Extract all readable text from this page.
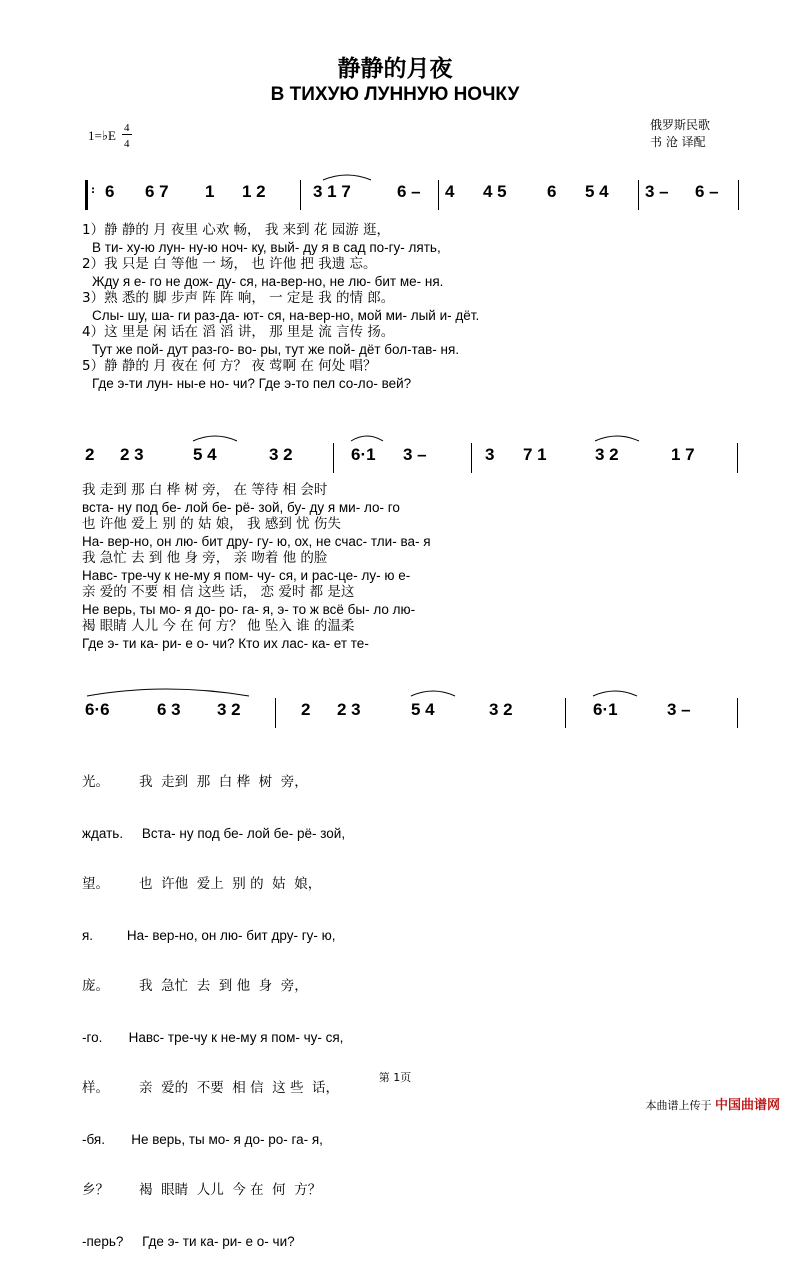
静静的月夜
В ТИХУЮ ЛУННУЮ НОЧКУ
1=♭E 4
4
俄罗斯民歌
书 沧 译配
: 6 6 7 1 1 2	3 1 7	6 – 4 4 5 6 5 4 3 – 6 –
2 2 3	5 4	3 2	6·1 3 –	3 7 1	3 2	1 7
6·6	6 3 3 2	2 2 3	5 4	3 2	6·1	3 –
1）静 静的 月 夜里 心欢 畅， 我 来到 花 园游 逛，
В ти- ху-ю лун- ну-ю ноч- ку, вый- ду я в сад по-гу- лять,
2）我 只是 白 等他 一 场， 也 许他 把 我遗 忘。
Жду я е- го не дож- ду- ся, на-вер-но, не лю- бит ме- ня.
3）熟 悉的 脚 步声 阵 阵 响， 一 定是 我 的情 郎。
Слы- шу, ша- ги раз-да- ют- ся, на-вер-но, мой ми- лый и- дёт.
4）这 里是 闲 话在 滔 滔 讲， 那 里是 流 言传 扬。
Тут же пой- дут раз-го- во- ры, тут же пой- дёт бол-тав- ня.
5）静 静的 月 夜在 何 方？ 夜 莺啊 在 何处 唱？
Где э-ти лун- ны-е но- чи? Где э-то пел со-ло- вей?
我 走到 那 白 桦 树 旁， 在 等待 相 会时
вста- ну под бе- лой бе- рё- зой, бу- ду я ми- ло- го
也 许他 爱上 别 的 姑 娘， 我 感到 忧 伤失
На- вер-но, он лю- бит дру- гу- ю, ох, не счас- тли- ва- я
我 急忙 去 到 他 身 旁， 亲 吻着 他 的脸
Навс- тре-чу к не-му я пом- чу- ся, и рас-це- лу- ю е-
亲 爱的 不要 相 信 这些 话， 恋 爱时 都 是这
Не верь, ты мо- я до- ро- га- я, э- то ж всё бы- ло лю-
褐 眼睛 人儿 今 在 何 方？ 他 坠入 谁 的温柔
Где э- ти ка- ри- е о- чи? Кто их лас- ка- ет те-

光。       我  走到  那  白 桦  树  旁，

ждать.     Вста- ну под бе- лой бе- рё- зой,

望。       也  许他  爱上  别 的  姑  娘，

я.         На- вер-но, он лю- бит дру- гу- ю,

庞。       我  急忙  去  到 他  身  旁，

-го.       Навс- тре-чу к не-му я пом- чу- ся,

样。       亲  爱的  不要  相 信  这 些  话，

-бя.       Не верь, ты мо- я до- ро- га- я,

乡？       褐  眼睛  人儿  今 在  何  方？

-перь?     Где э- ти ка- ри- е о- чи?

第 1页
本曲谱上传于 中国曲谱网
